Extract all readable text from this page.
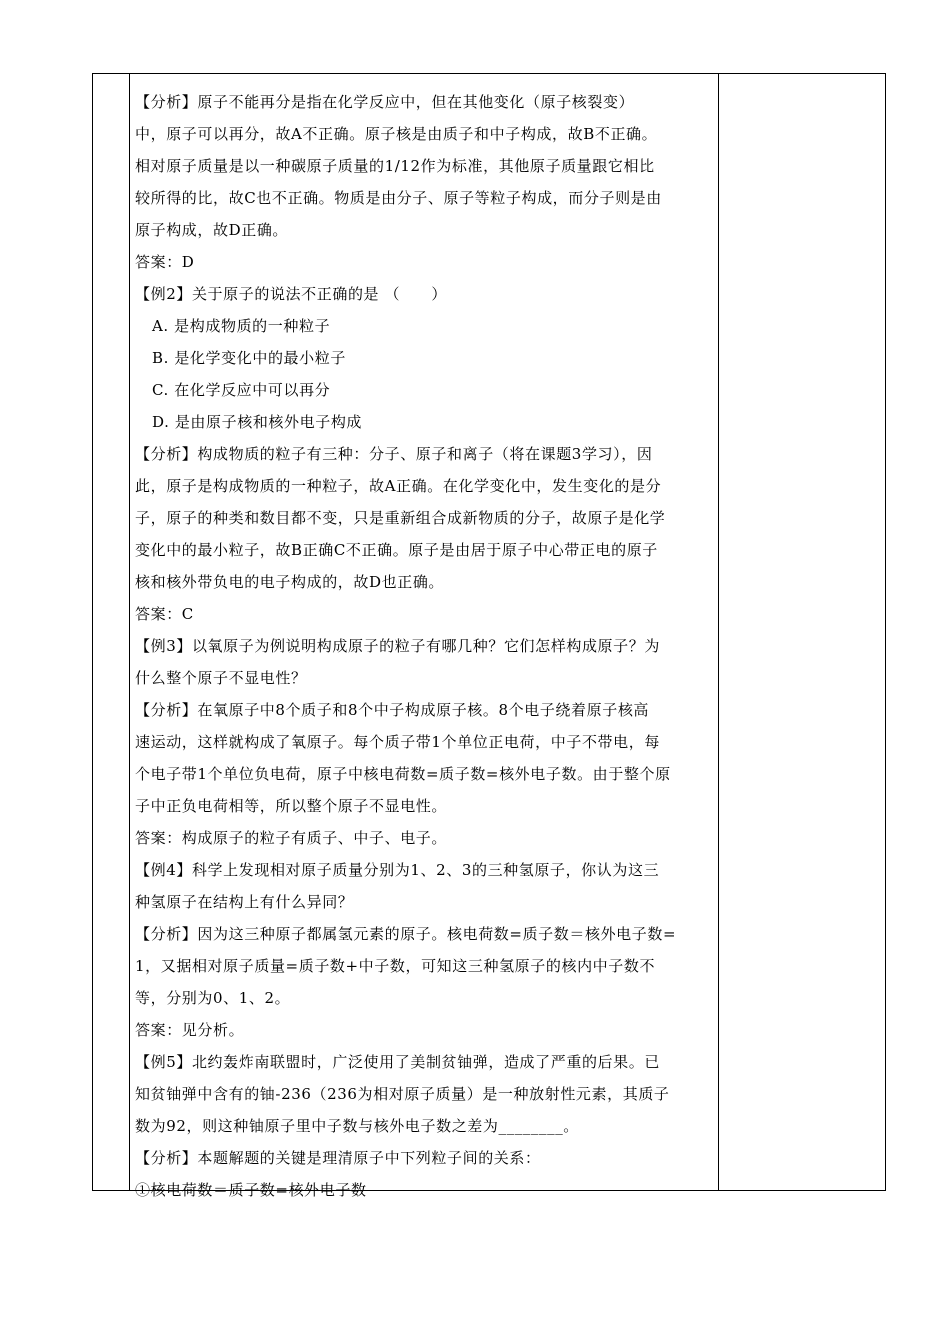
【分析】原子不能再分是指在化学反应中，但在其他变化（原子核裂变）
中，原子可以再分，故A不正确。原子核是由质子和中子构成，故B不正确。
相对原子质量是以一种碳原子质量的1/12作为标准，其他原子质量跟它相比
较所得的比，故C也不正确。物质是由分子、原子等粒子构成，而分子则是由
原子构成，故D正确。
答案：D
【例2】关于原子的说法不正确的是 （　　）
A. 是构成物质的一种粒子
B. 是化学变化中的最小粒子
C. 在化学反应中可以再分
D. 是由原子核和核外电子构成
【分析】构成物质的粒子有三种：分子、原子和离子（将在课题3学习），因
此，原子是构成物质的一种粒子，故A正确。在化学变化中，发生变化的是分
子，原子的种类和数目都不变，只是重新组合成新物质的分子，故原子是化学
变化中的最小粒子，故B正确C不正确。原子是由居于原子中心带正电的原子
核和核外带负电的电子构成的，故D也正确。
答案：C
【例3】以氧原子为例说明构成原子的粒子有哪几种？它们怎样构成原子？为
什么整个原子不显电性？
【分析】在氧原子中8个质子和8个中子构成原子核。8个电子绕着原子核高
速运动，这样就构成了氧原子。每个质子带1个单位正电荷，中子不带电，每
个电子带1个单位负电荷，原子中核电荷数=质子数=核外电子数。由于整个原
子中正负电荷相等，所以整个原子不显电性。
答案：构成原子的粒子有质子、中子、电子。
【例4】科学上发现相对原子质量分别为1、2、3的三种氢原子，你认为这三
种氢原子在结构上有什么异同？
【分析】因为这三种原子都属氢元素的原子。核电荷数=质子数＝核外电子数=
1，又据相对原子质量=质子数+中子数，可知这三种氢原子的核内中子数不
等，分别为0、1、2。
答案：见分析。
【例5】北约轰炸南联盟时，广泛使用了美制贫铀弹，造成了严重的后果。已
知贫铀弹中含有的铀-236（236为相对原子质量）是一种放射性元素，其质子
数为92，则这种铀原子里中子数与核外电子数之差为________。
【分析】本题解题的关键是理清原子中下列粒子间的关系：
①核电荷数＝质子数=核外电子数
